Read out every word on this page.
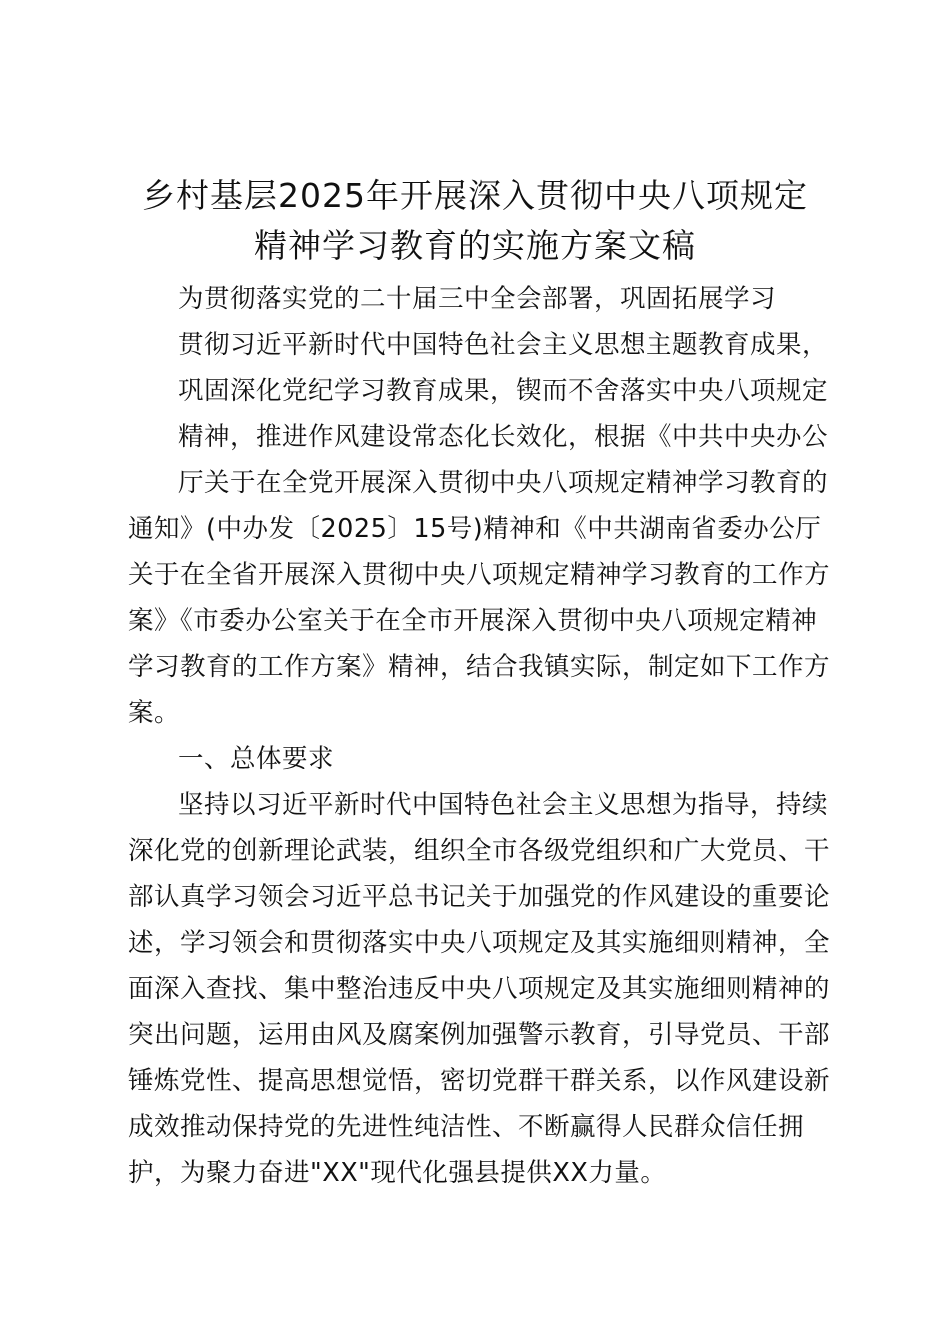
乡村基层2025年开展深入贯彻中央八项规定
精神学习教育的实施方案文稿
为贯彻落实党的二十届三中全会部署，巩固拓展学习
贯彻习近平新时代中国特色社会主义思想主题教育成果，
巩固深化党纪学习教育成果，锲而不舍落实中央八项规定
精神，推进作风建设常态化长效化，根据《中共中央办公
厅关于在全党开展深入贯彻中央八项规定精神学习教育的
通知》(中办发〔2025〕15号)精神和《中共湖南省委办公厅
关于在全省开展深入贯彻中央八项规定精神学习教育的工作方
案》《市委办公室关于在全市开展深入贯彻中央八项规定精神
学习教育的工作方案》精神，结合我镇实际，制定如下工作方
案。
一、总体要求
坚持以习近平新时代中国特色社会主义思想为指导，持续
深化党的创新理论武装，组织全市各级党组织和广大党员、干
部认真学习领会习近平总书记关于加强党的作风建设的重要论
述，学习领会和贯彻落实中央八项规定及其实施细则精神，全
面深入查找、集中整治违反中央八项规定及其实施细则精神的
突出问题，运用由风及腐案例加强警示教育，引导党员、干部
锤炼党性、提高思想觉悟，密切党群干群关系，以作风建设新
成效推动保持党的先进性纯洁性、不断赢得人民群众信任拥
护，为聚力奋进"XX"现代化强县提供XX力量。
